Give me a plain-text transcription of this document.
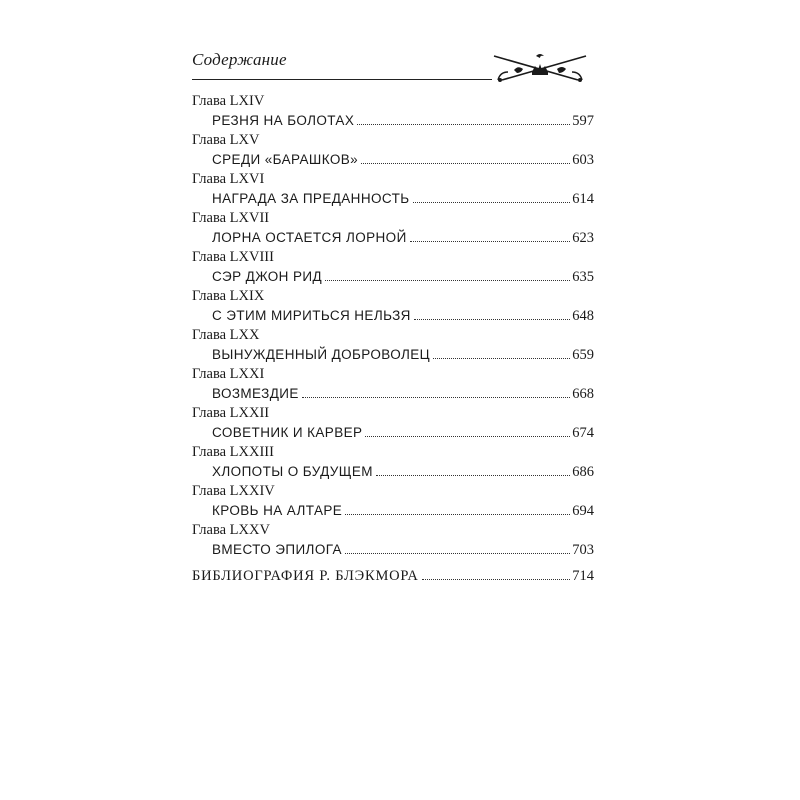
Содержание
Глава LXIV
РЕЗНЯ НА БОЛОТАХ	597
Глава LXV
СРЕДИ «БАРАШКОВ»	603
Глава LXVI
НАГРАДА ЗА ПРЕДАННОСТЬ	614
Глава LXVII
ЛОРНА ОСТАЕТСЯ ЛОРНОЙ	623
Глава LXVIII
СЭР ДЖОН РИД	635
Глава LXIX
С ЭТИМ МИРИТЬСЯ НЕЛЬЗЯ	648
Глава LXX
ВЫНУЖДЕННЫЙ ДОБРОВОЛЕЦ	659
Глава LXXI
ВОЗМЕЗДИЕ	668
Глава LXXII
СОВЕТНИК И КАРВЕР	674
Глава LXXIII
ХЛОПОТЫ О БУДУЩЕМ	686
Глава LXXIV
КРОВЬ НА АЛТАРЕ	694
Глава LXXV
ВМЕСТО ЭПИЛОГА	703
БИБЛИОГРАФИЯ Р. БЛЭКМОРА	714
